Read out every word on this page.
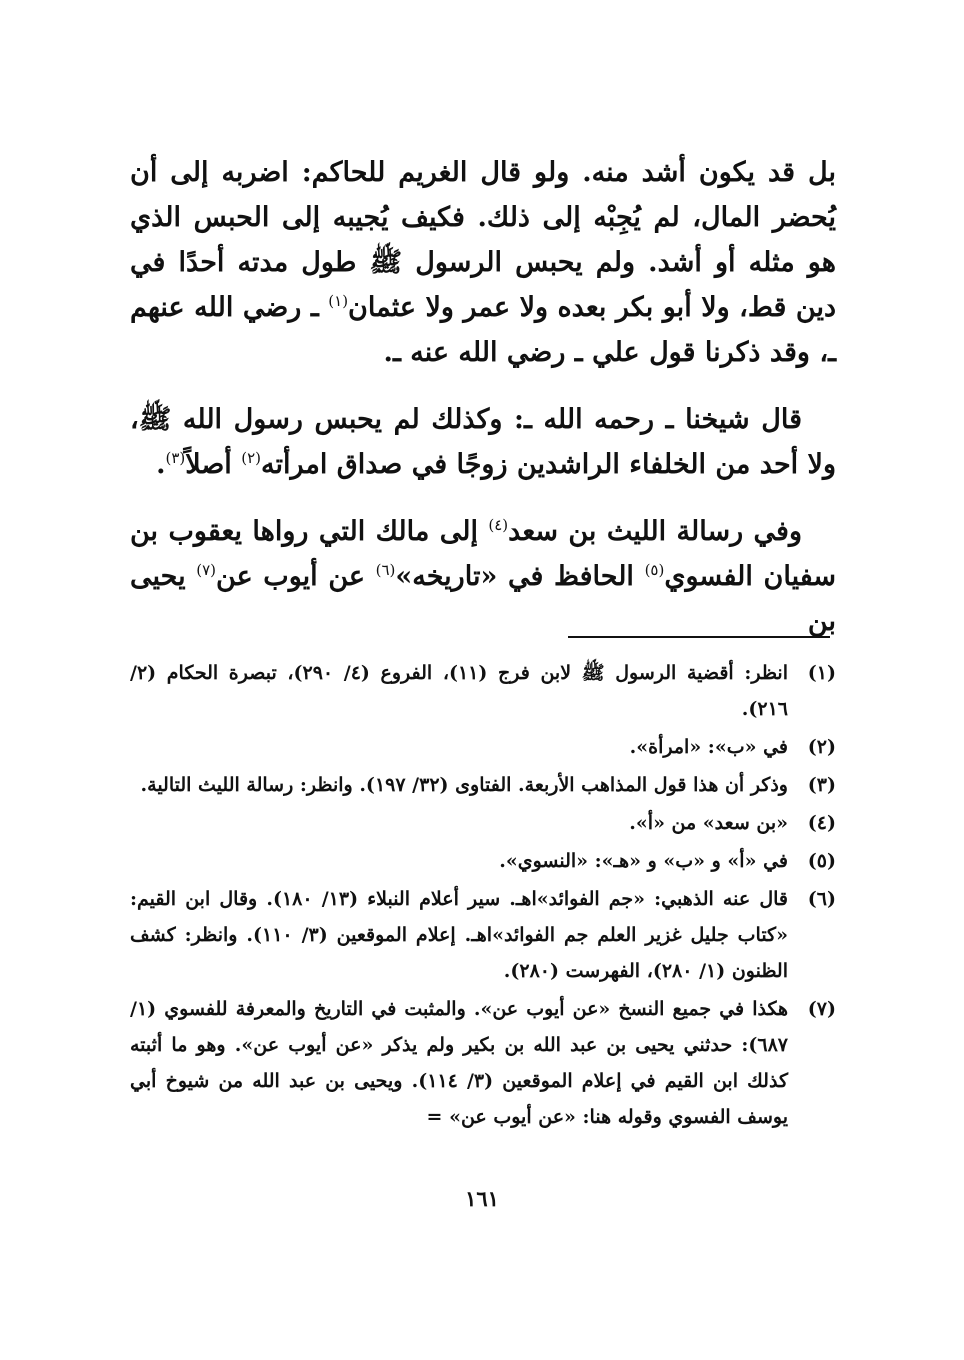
بل قد يكون أشد منه. ولو قال الغريم للحاكم: اضربه إلى أن يُحضر المال، لم يُجِبْه إلى ذلك. فكيف يُجيبه إلى الحبس الذي هو مثله أو أشد. ولم يحبس الرسول ﷺ طول مدته أحدًا في دين قط، ولا أبو بكر بعده ولا عمر ولا عثمان$^{(١)}$ ـ رضي الله عنهم ـ، وقد ذكرنا قول علي ـ رضي الله عنه ـ.

قال شيخنا ـ رحمه الله ـ: وكذلك لم يحبس رسول الله ﷺ، ولا أحد من الخلفاء الراشدين زوجًا في صداق امرأته$^{(٢)}$ أصلاً$^{(٣)}$.

وفي رسالة الليث بن سعد$^{(٤)}$ إلى مالك التي رواها يعقوب بن سفيان الفسوي$^{(٥)}$ الحافظ في «تاريخه»$^{(٦)}$ عن أيوب عن$^{(٧)}$ يحيى بن

(١)
انظر: أقضية الرسول ﷺ لابن فرج (١١)، الفروع (٤/ ٢٩٠)، تبصرة الحكام (٢/ ٢١٦).
(٢)
في «ب»: «امرأة».
(٣)
وذكر أن هذا قول المذاهب الأربعة. الفتاوى (٣٢/ ١٩٧). وانظر: رسالة الليث التالية.
(٤)
«بن سعد» من «أ».
(٥)
في «أ» و «ب» و «هـ»: «النسوي».
(٦)
قال عنه الذهبي: «جم الفوائد»اهـ. سير أعلام النبلاء (١٣/ ١٨٠). وقال ابن القيم: «كتاب جليل غزير العلم جم الفوائد»اهـ. إعلام الموقعين (٣/ ١١٠). وانظر: كشف الظنون (١/ ٢٨٠)، الفهرست (٢٨٠).
(٧)
هكذا في جميع النسخ «عن أيوب عن». والمثبت في التاريخ والمعرفة للفسوي (١/ ٦٨٧): حدثني يحيى بن عبد الله بن بكير ولم يذكر «عن أيوب عن». وهو ما أثبته كذلك ابن القيم في إعلام الموقعين (٣/ ١١٤). ويحيى بن عبد الله من شيوخ أبي يوسف الفسوي وقوله هنا: «عن أيوب عن» =
١٦١
